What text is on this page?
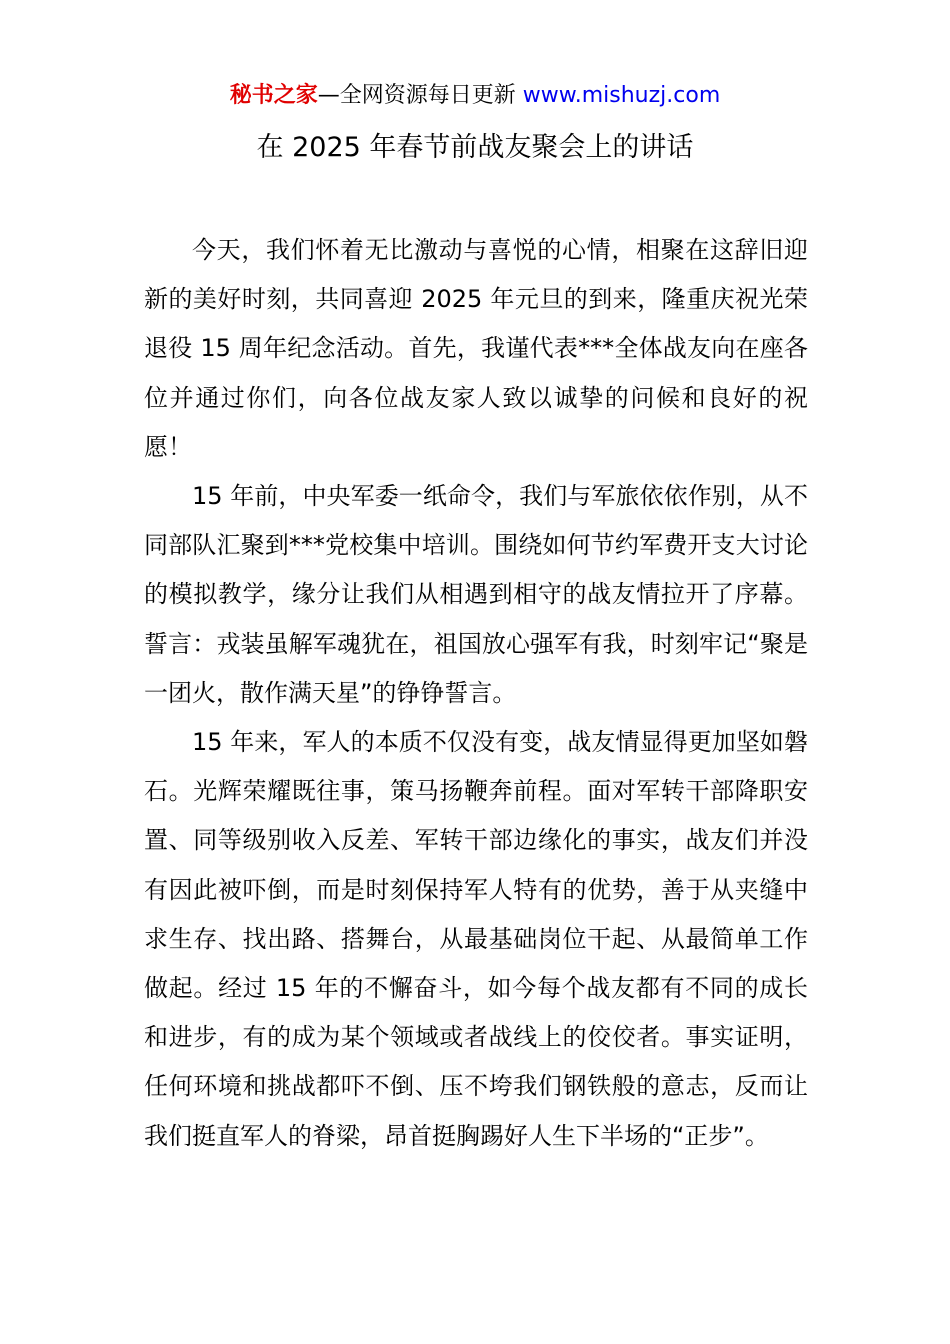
秘书之家—全网资源每日更新 www.mishuzj.com
在 2025 年春节前战友聚会上的讲话

今天，我们怀着无比激动与喜悦的心情，相聚在这辞旧迎新的美好时刻，共同喜迎 2025 年元旦的到来，隆重庆祝光荣退役 15 周年纪念活动。首先，我谨代表***全体战友向在座各位并通过你们，向各位战友家人致以诚挚的问候和良好的祝愿！

15 年前，中央军委一纸命令，我们与军旅依依作别，从不同部队汇聚到***党校集中培训。围绕如何节约军费开支大讨论的模拟教学，缘分让我们从相遇到相守的战友情拉开了序幕。誓言：戎装虽解军魂犹在，祖国放心强军有我，时刻牢记“聚是一团火，散作满天星”的铮铮誓言。

15 年来，军人的本质不仅没有变，战友情显得更加坚如磐石。光辉荣耀既往事，策马扬鞭奔前程。面对军转干部降职安置、同等级别收入反差、军转干部边缘化的事实，战友们并没有因此被吓倒，而是时刻保持军人特有的优势，善于从夹缝中求生存、找出路、搭舞台，从最基础岗位干起、从最简单工作做起。经过 15 年的不懈奋斗，如今每个战友都有不同的成长和进步，有的成为某个领域或者战线上的佼佼者。事实证明，任何环境和挑战都吓不倒、压不垮我们钢铁般的意志，反而让我们挺直军人的脊梁，昂首挺胸踢好人生下半场的“正步”。
